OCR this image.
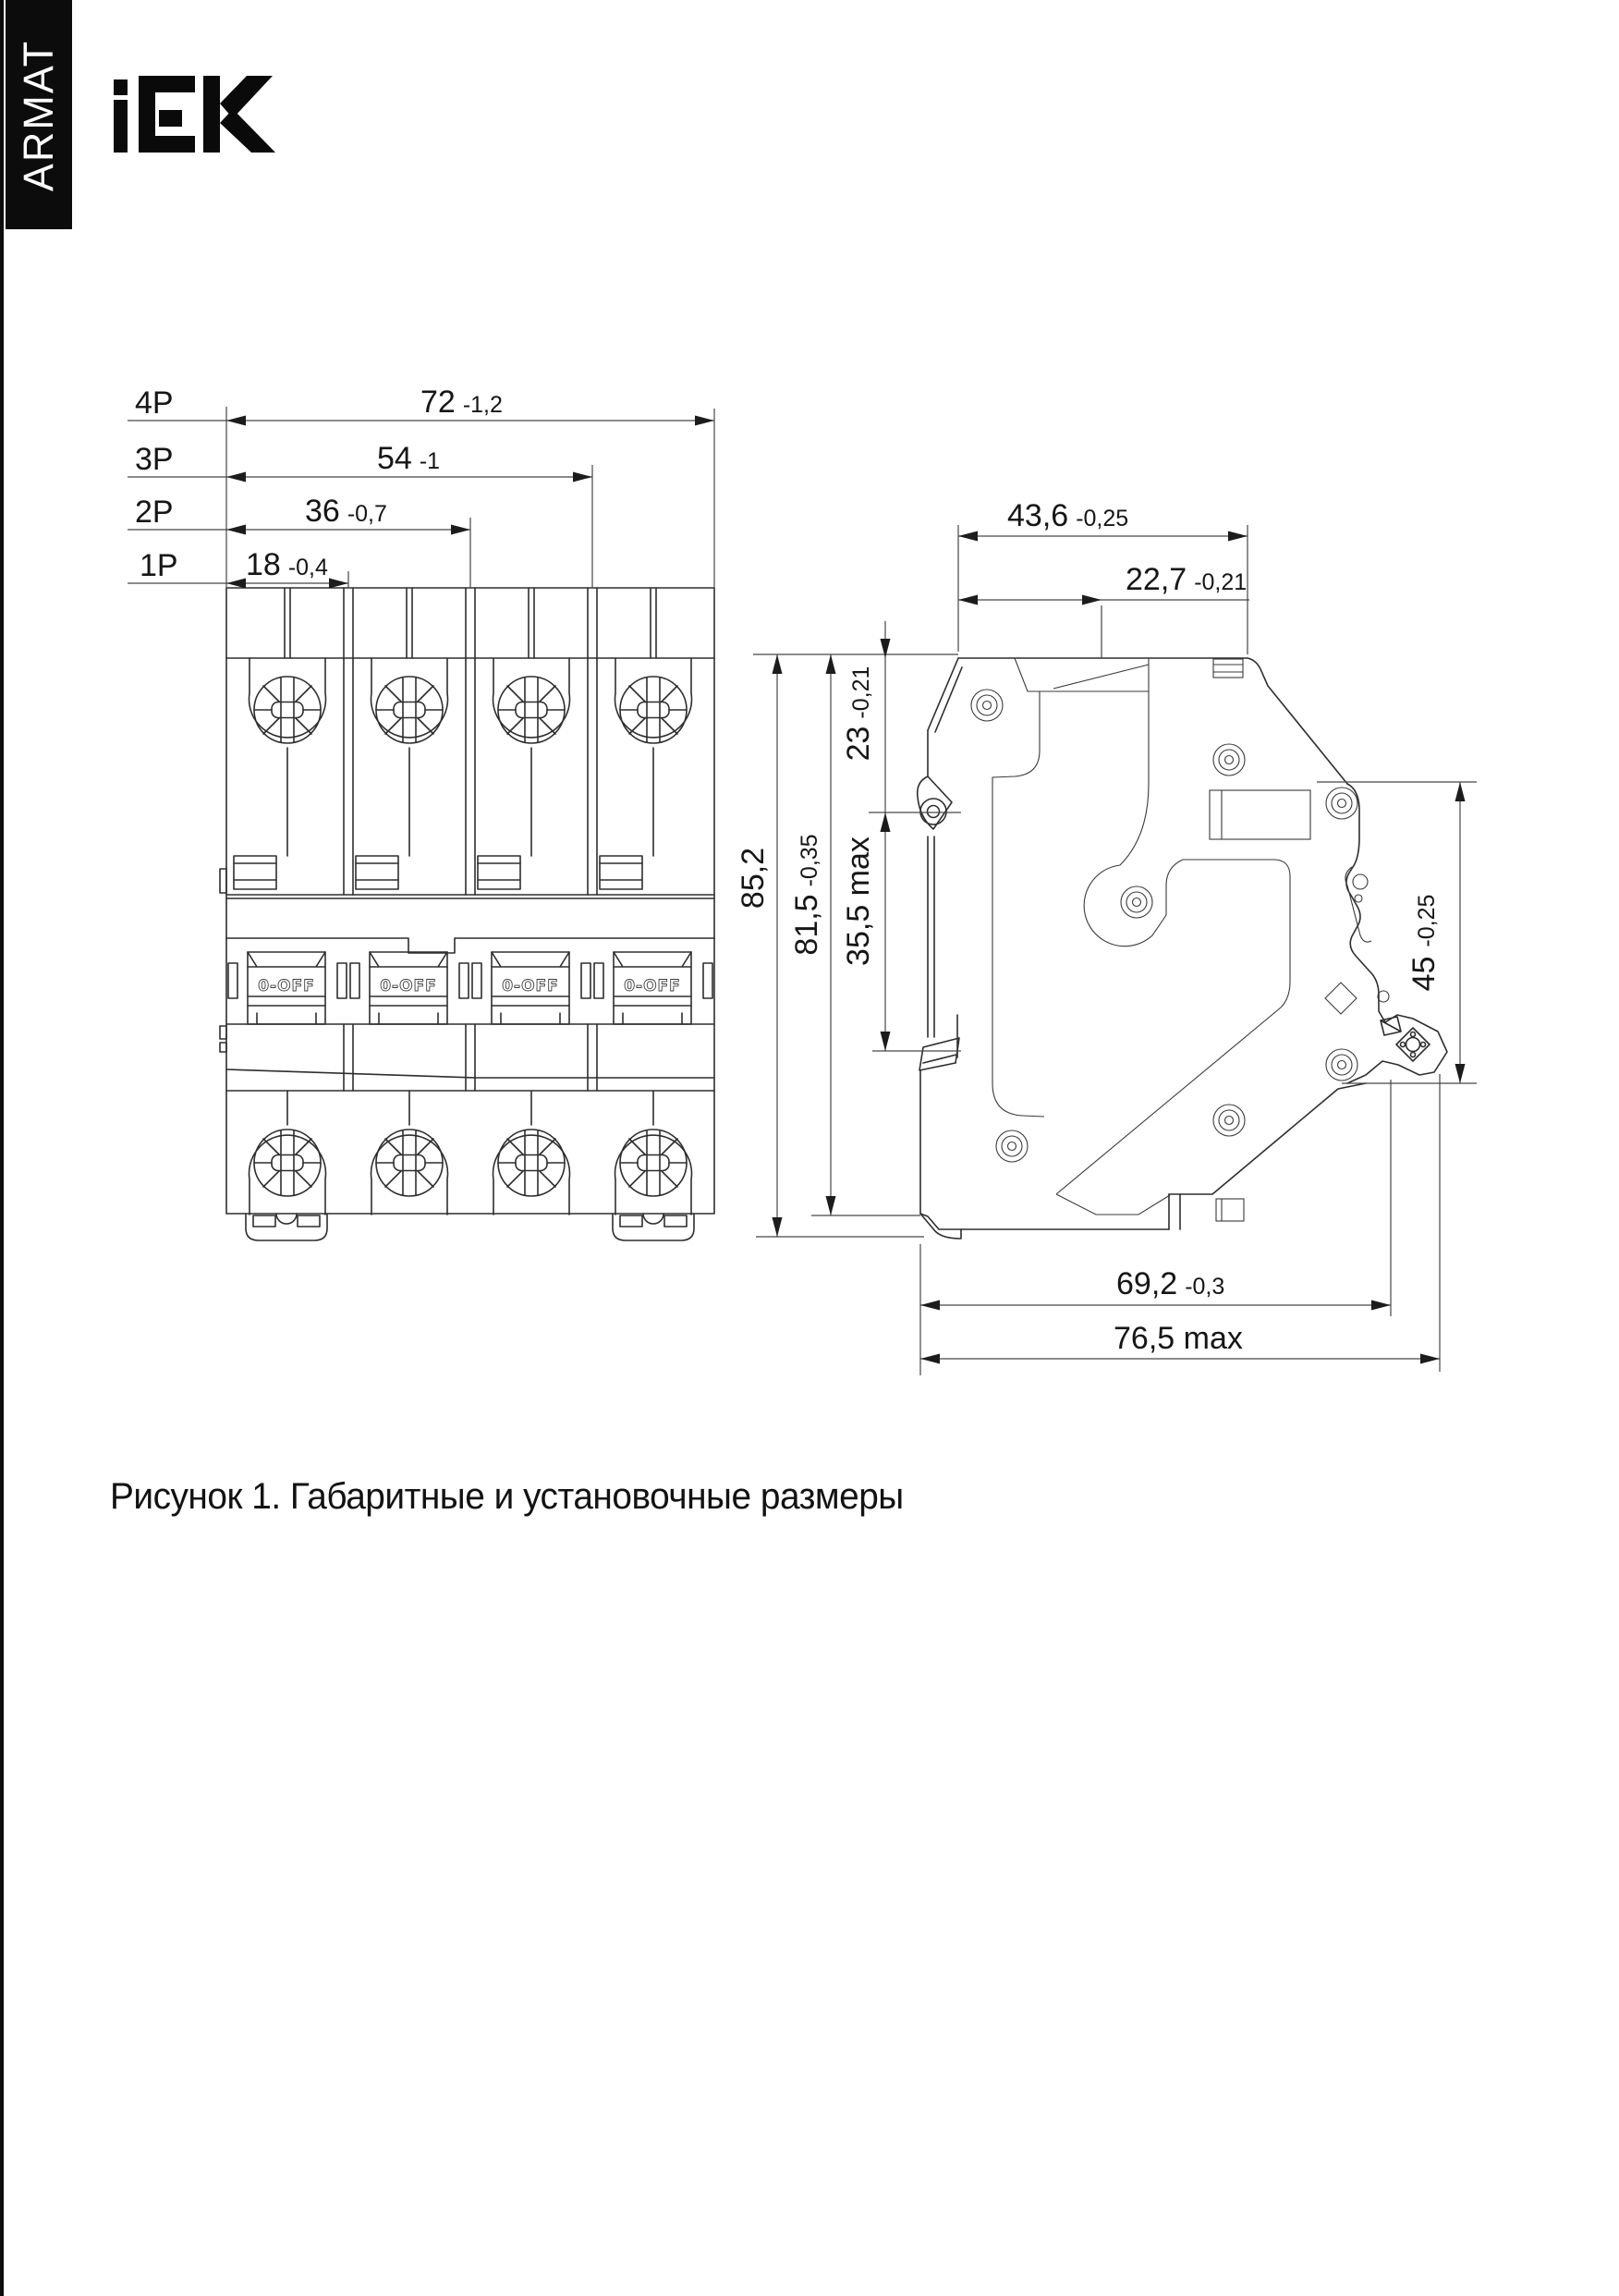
ARMAT
0-OFF	0-OFF	0-OFF	0-OFF
4P
3P
2P
1P
72 -1,2
54 -1
36 -0,7
18 -0,4
43,6 -0,25
22,7 -0,21
85,2
81,5-0,35
23-0,21
35,5 max
45-0,25
69,2 -0,3
76,5 max
Рисунок 1. Габаритные и установочные размеры
